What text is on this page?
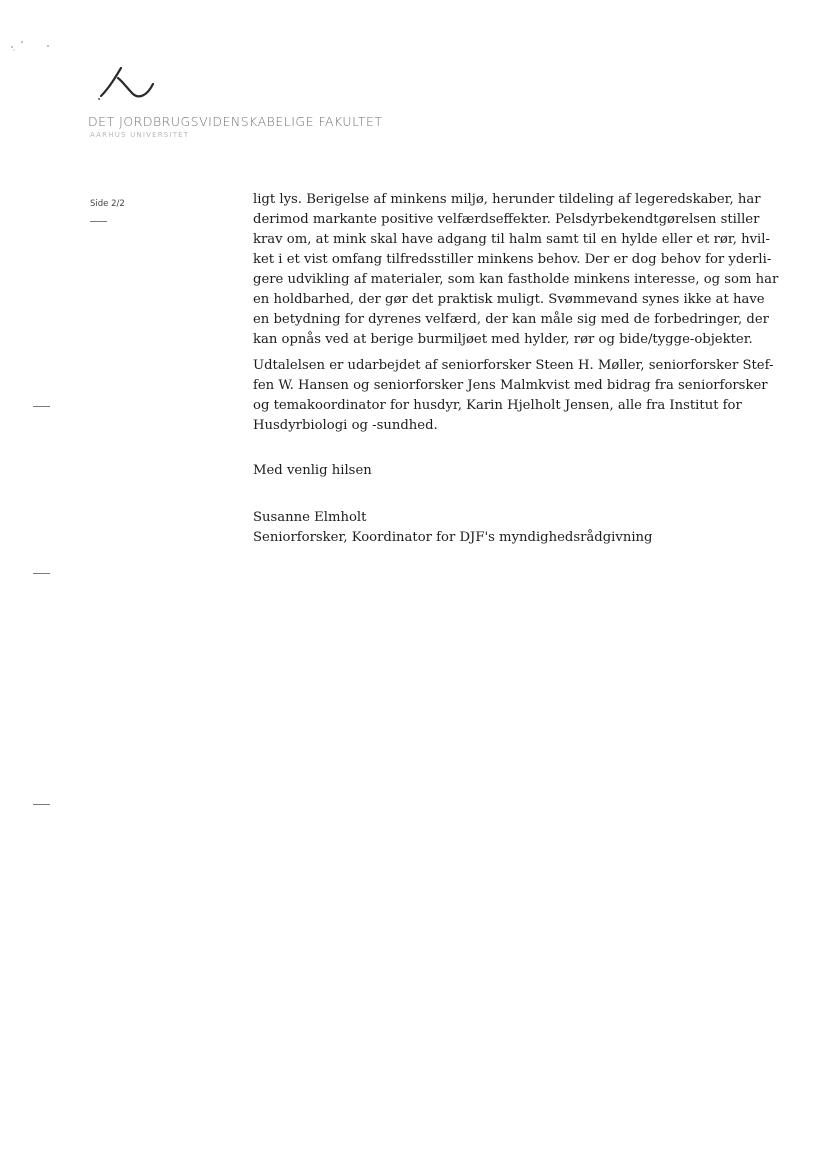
DET JORDBRUGSVIDENSKABELIGE FAKULTET
AARHUS UNIVERSITET
Side 2/2	ligt lys. Berigelse af minkens miljø, herunder tildeling af legeredskaber, har
derimod markante positive velfærdseffekter. Pelsdyrbekendtgørelsen stiller
krav om, at mink skal have adgang til halm samt til en hylde eller et rør, hvil-
ket i et vist omfang tilfredsstiller minkens behov. Der er dog behov for yderli-
gere udvikling af materialer, som kan fastholde minkens interesse, og som har
en holdbarhed, der gør det praktisk muligt. Svømmevand synes ikke at have
en betydning for dyrenes velfærd, der kan måle sig med de forbedringer, der
kan opnås ved at berige burmiljøet med hylder, rør og bide/tygge-objekter.

Udtalelsen er udarbejdet af seniorforsker Steen H. Møller, seniorforsker Stef-
fen W. Hansen og seniorforsker Jens Malmkvist med bidrag fra seniorforsker
og temakoordinator for husdyr, Karin Hjelholt Jensen, alle fra Institut for
Husdyrbiologi og -sundhed.

Med venlig hilsen
Susanne Elmholt
Seniorforsker, Koordinator for DJF's myndighedsrådgivning
